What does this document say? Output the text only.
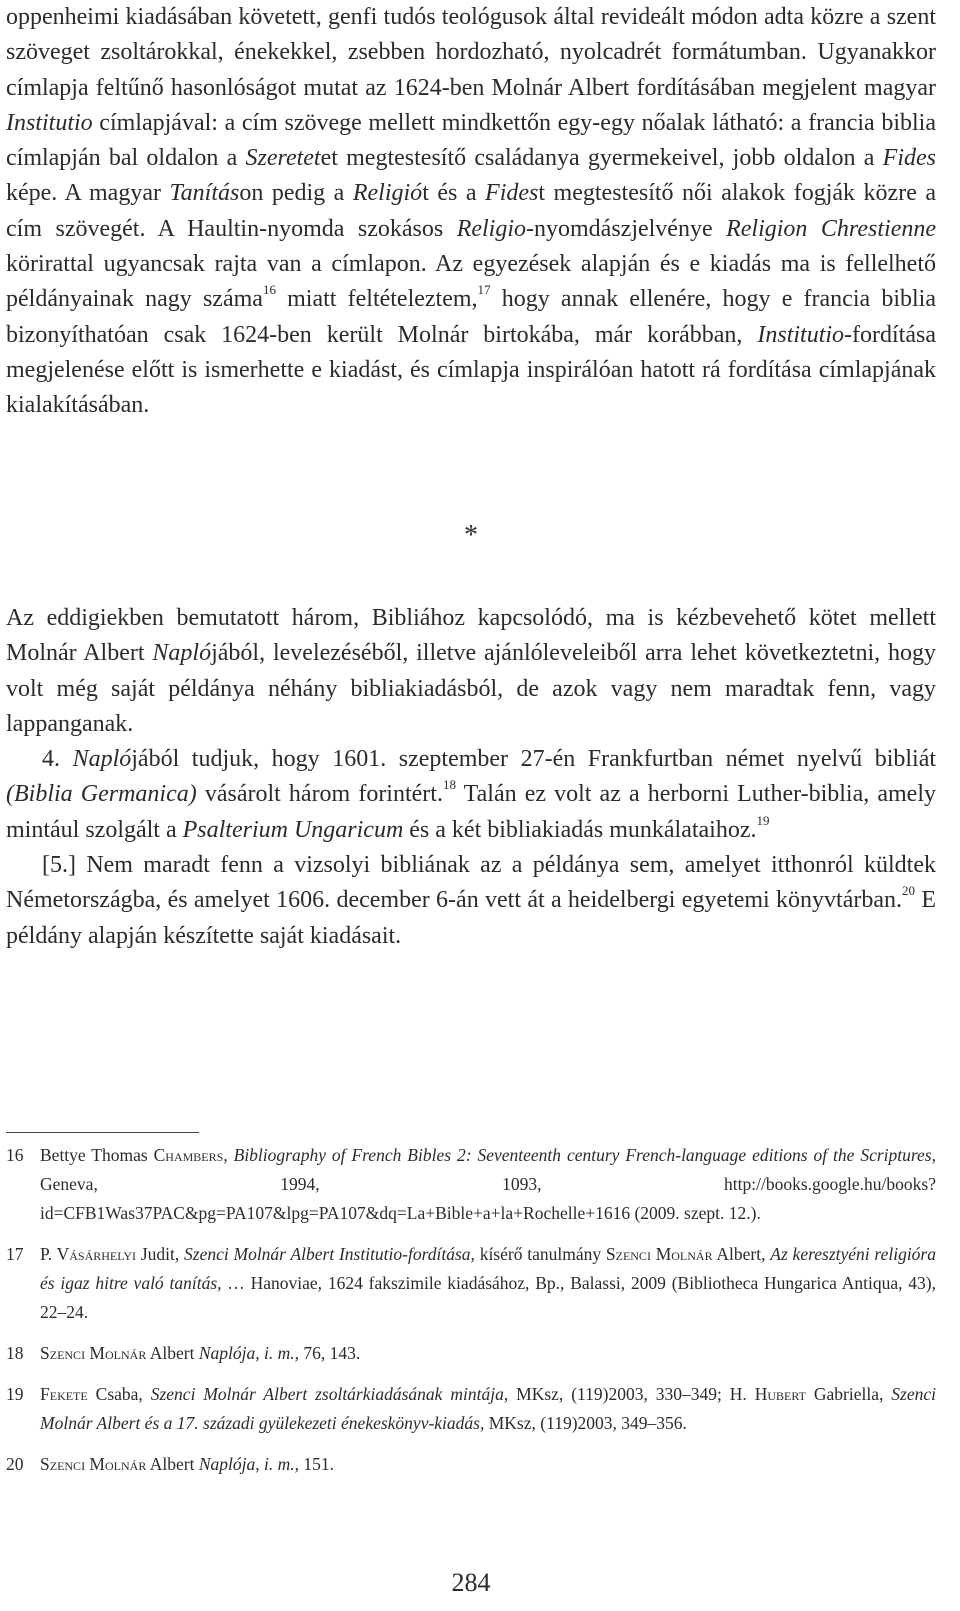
oppenheimi kiadásában követett, genfi tudós teológusok által revideált módon adta közre a szent szöveget zsoltárokkal, énekekkel, zsebben hordozható, nyolcadrét formátumban. Ugyanakkor címlapja feltűnő hasonlóságot mutat az 1624-ben Molnár Albert fordításában megjelent magyar Institutio címlapjával: a cím szövege mellett mindkettőn egy-egy nőalak látható: a francia biblia címlapján bal oldalon a Szeretetet megtestesítő családanya gyermekeivel, jobb oldalon a Fides képe. A magyar Tanításon pedig a Religiót és a Fidest megtestesítő női alakok fogják közre a cím szövegét. A Haultin-nyomda szokásos Religio-nyomdászjelvénye Religion Chrestienne körirattal ugyancsak rajta van a címlapon. Az egyezések alapján és e kiadás ma is fellelhető példányainak nagy száma$^{16}$ miatt feltételeztem,$^{17}$ hogy annak ellenére, hogy e francia biblia bizonyíthatóan csak 1624-ben került Molnár birtokába, már korábban, Institutio-fordítása megjelenése előtt is ismerhette e kiadást, és címlapja inspirálóan hatott rá fordítása címlapjának kialakításában.

*

Az eddigiekben bemutatott három, Bibliához kapcsolódó, ma is kézbevehető kötet mellett Molnár Albert Naplójából, levelezéséből, illetve ajánlóleveleiből arra lehet következtetni, hogy volt még saját példánya néhány bibliakiadásból, de azok vagy nem maradtak fenn, vagy lappanganak.

4. Naplójából tudjuk, hogy 1601. szeptember 27-én Frankfurtban német nyelvű bibliát (Biblia Germanica) vásárolt három forintért.$^{18}$ Talán ez volt az a herborni Luther-biblia, amely mintául szolgált a Psalterium Ungaricum és a két bibliakiadás munkálataihoz.$^{19}$

[5.] Nem maradt fenn a vizsolyi bibliának az a példánya sem, amelyet itthonról küldtek Németországba, és amelyet 1606. december 6-án vett át a heidelbergi egyetemi könyvtárban.$^{20}$ E példány alapján készítette saját kiadásait.

16 Bettye Thomas Chambers, Bibliography of French Bibles 2: Seventeenth century French-language editions of the Scriptures, Geneva, 1994, 1093, http://books.google.hu/books?id=CFB1Was37PAC&pg=PA107&lpg=PA107&dq=La+Bible+a+la+Rochelle+1616 (2009. szept. 12.).
17 P. Vásárhelyi Judit, Szenci Molnár Albert Institutio-fordítása, kísérő tanulmány Szenci Molnár Albert, Az keresztyéni religióra és igaz hitre való tanítás, … Hanoviae, 1624 fakszimile kiadásához, Bp., Balassi, 2009 (Bibliotheca Hungarica Antiqua, 43), 22–24.
18 Szenci Molnár Albert Naplója, i. m., 76, 143.
19 Fekete Csaba, Szenci Molnár Albert zsoltárkiadásának mintája, MKsz, (119)2003, 330–349; H. Hubert Gabriella, Szenci Molnár Albert és a 17. századi gyülekezeti énekeskönyv-kiadás, MKsz, (119)2003, 349–356.
20 Szenci Molnár Albert Naplója, i. m., 151.
284
